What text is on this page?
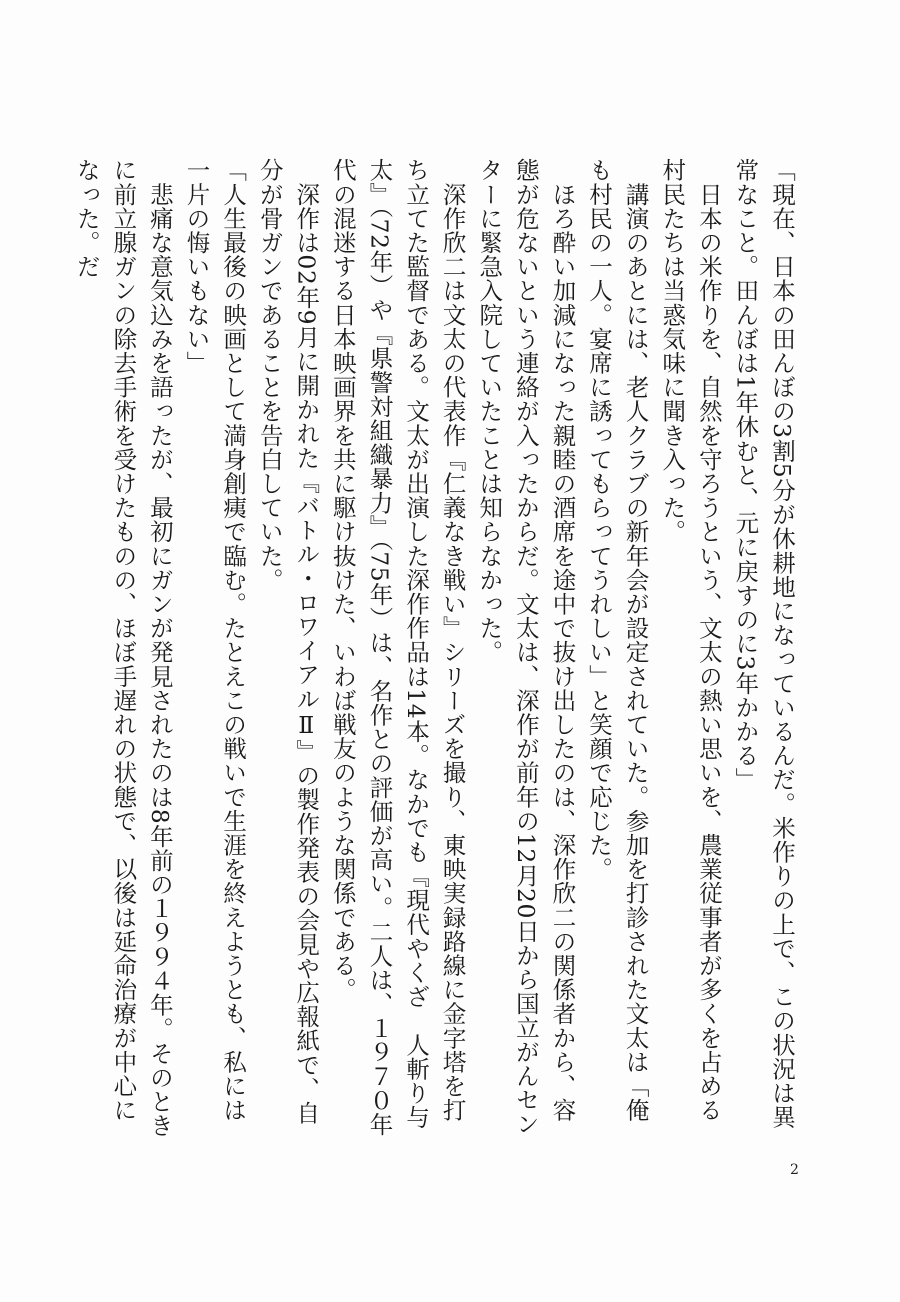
「現在、日本の田んぼの3割5分が休耕地になっているんだ。米作りの上で、この状況は異常なこと。田んぼは1年休むと、元に戻すのに3年かかる」

　日本の米作りを、自然を守ろうという、文太の熱い思いを、農業従事者が多くを占める村民たちは当惑気味に聞き入った。

　講演のあとには、老人クラブの新年会が設定されていた。参加を打診された文太は「俺も村民の一人。宴席に誘ってもらってうれしい」と笑顔で応じた。

　ほろ酔い加減になった親睦の酒席を途中で抜け出したのは、深作欣二の関係者から、容態が危ないという連絡が入ったからだ。文太は、深作が前年の12月20日から国立がんセンターに緊急入院していたことは知らなかった。

　深作欣二は文太の代表作『仁義なき戦い』シリーズを撮り、東映実録路線に金字塔を打ち立てた監督である。文太が出演した深作作品は14本。なかでも『現代やくざ　人斬り与太』（72年）や『県警対組織暴力』（75年）は、名作との評価が高い。二人は、１９７０年代の混迷する日本映画界を共に駆け抜けた、いわば戦友のような関係である。

　深作は02年9月に開かれた『バトル・ロワイアルⅡ』の製作発表の会見や広報紙で、自分が骨ガンであることを告白していた。

「人生最後の映画として満身創痍で臨む。たとえこの戦いで生涯を終えようとも、私には一片の悔いもない」

　悲痛な意気込みを語ったが、最初にガンが発見されたのは8年前の１９９４年。そのときに前立腺ガンの除去手術を受けたものの、ほぼ手遅れの状態で、以後は延命治療が中心になった。だ

2
